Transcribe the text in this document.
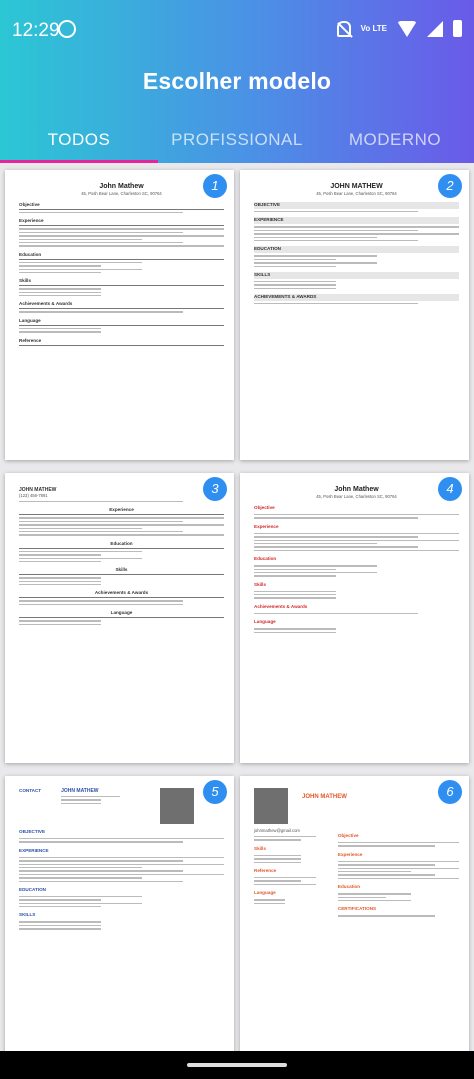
12:29	Vo LTE
Escolher modelo
TODOS	PROFISSIONAL	MODERNO
1
John Mathew
45, Posh Bear Lane, Charleston SC, 90764
Objective
Experience
Education
Skills
Achievements & Awards
Language
Reference
2
JOHN MATHEW
45, Posh Bear Lane, Charleston SC, 90764
OBJECTIVE
EXPERIENCE
EDUCATION
SKILLS
ACHIEVEMENTS & AWARDS
3
JOHN MATHEW
(123) 456-7891
Experience
Education
Skills
Achievements & Awards
Language
4
John Mathew
45, Posh Bear Lane, Charleston SC, 90764
Objective
Experience
Education
Skills
Achievements & Awards
Language
5
CONTACT	JOHN MATHEW
OBJECTIVE
EXPERIENCE
EDUCATION
SKILLS
6
JOHN MATHEW
johnmathew@gmail.com
Skills
Reference
Language
Objective
Experience
Education
CERTIFICATIONS
